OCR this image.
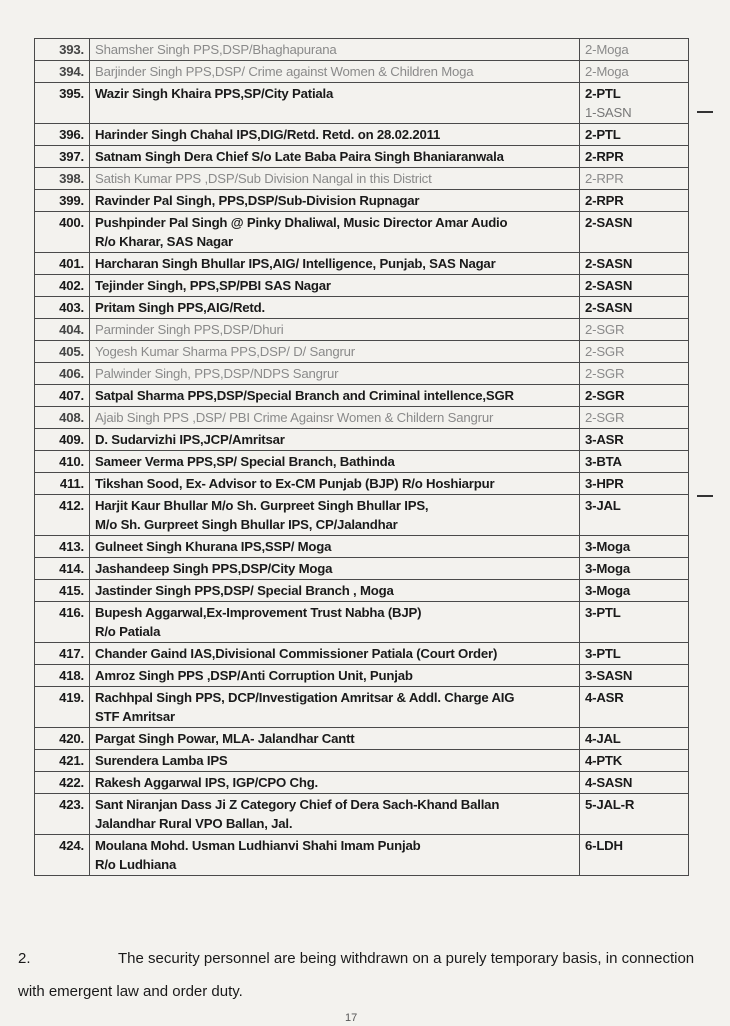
393.	Shamsher Singh PPS,DSP/Bhaghapurana	2-Moga
394.	Barjinder Singh PPS,DSP/ Crime against Women & Children Moga	2-Moga
395.	Wazir Singh Khaira PPS,SP/City Patiala	2-PTL
1-SASN

396.	Harinder Singh Chahal IPS,DIG/Retd. Retd. on 28.02.2011	2-PTL
397.	Satnam Singh Dera Chief S/o Late Baba Paira Singh Bhaniaranwala	2-RPR
398.	Satish Kumar PPS ,DSP/Sub Division Nangal in this District	2-RPR
399.	Ravinder Pal Singh, PPS,DSP/Sub-Division Rupnagar	2-RPR
400.	Pushpinder Pal Singh @ Pinky Dhaliwal, Music Director Amar Audio
R/o Kharar, SAS Nagar	2-SASN
401.	Harcharan Singh Bhullar IPS,AIG/ Intelligence, Punjab, SAS Nagar	2-SASN
402.	Tejinder Singh, PPS,SP/PBI SAS Nagar	2-SASN
403.	Pritam Singh PPS,AIG/Retd.	2-SASN
404.	Parminder Singh PPS,DSP/Dhuri	2-SGR
405.	Yogesh Kumar Sharma PPS,DSP/ D/ Sangrur	2-SGR
406.	Palwinder Singh, PPS,DSP/NDPS Sangrur	2-SGR
407.	Satpal Sharma PPS,DSP/Special Branch and Criminal intellence,SGR	2-SGR
408.	Ajaib Singh PPS ,DSP/ PBI Crime Againsr Women & Childern Sangrur	2-SGR
409.	D. Sudarvizhi IPS,JCP/Amritsar	3-ASR
410.	Sameer Verma PPS,SP/ Special Branch, Bathinda	3-BTA
411.	Tikshan Sood, Ex- Advisor to Ex-CM Punjab (BJP) R/o Hoshiarpur	3-HPR
412.	Harjit Kaur Bhullar M/o Sh. Gurpreet Singh Bhullar IPS,
M/o Sh. Gurpreet Singh Bhullar IPS, CP/Jalandhar	3-JAL
413.	Gulneet Singh Khurana IPS,SSP/ Moga	3-Moga
414.	Jashandeep Singh PPS,DSP/City Moga	3-Moga
415.	Jastinder Singh PPS,DSP/ Special Branch , Moga	3-Moga
416.	Bupesh Aggarwal,Ex-Improvement Trust Nabha (BJP)
R/o Patiala	3-PTL
417.	Chander Gaind IAS,Divisional Commissioner Patiala (Court Order)	3-PTL
418.	Amroz Singh PPS ,DSP/Anti Corruption Unit, Punjab	3-SASN
419.	Rachhpal Singh PPS, DCP/Investigation Amritsar & Addl. Charge AIG
STF Amritsar	4-ASR
420.	Pargat Singh Powar, MLA- Jalandhar Cantt	4-JAL
421.	Surendera Lamba IPS	4-PTK
422.	Rakesh Aggarwal IPS, IGP/CPO Chg.	4-SASN
423.	Sant Niranjan Dass Ji Z Category Chief of Dera Sach-Khand Ballan
Jalandhar Rural VPO Ballan, Jal.	5-JAL-R
424.	Moulana Mohd. Usman Ludhianvi Shahi Imam Punjab
R/o Ludhiana	6-LDH
2.	The security personnel are being withdrawn on a purely temporary basis, in connection with emergent law and order duty.
17
